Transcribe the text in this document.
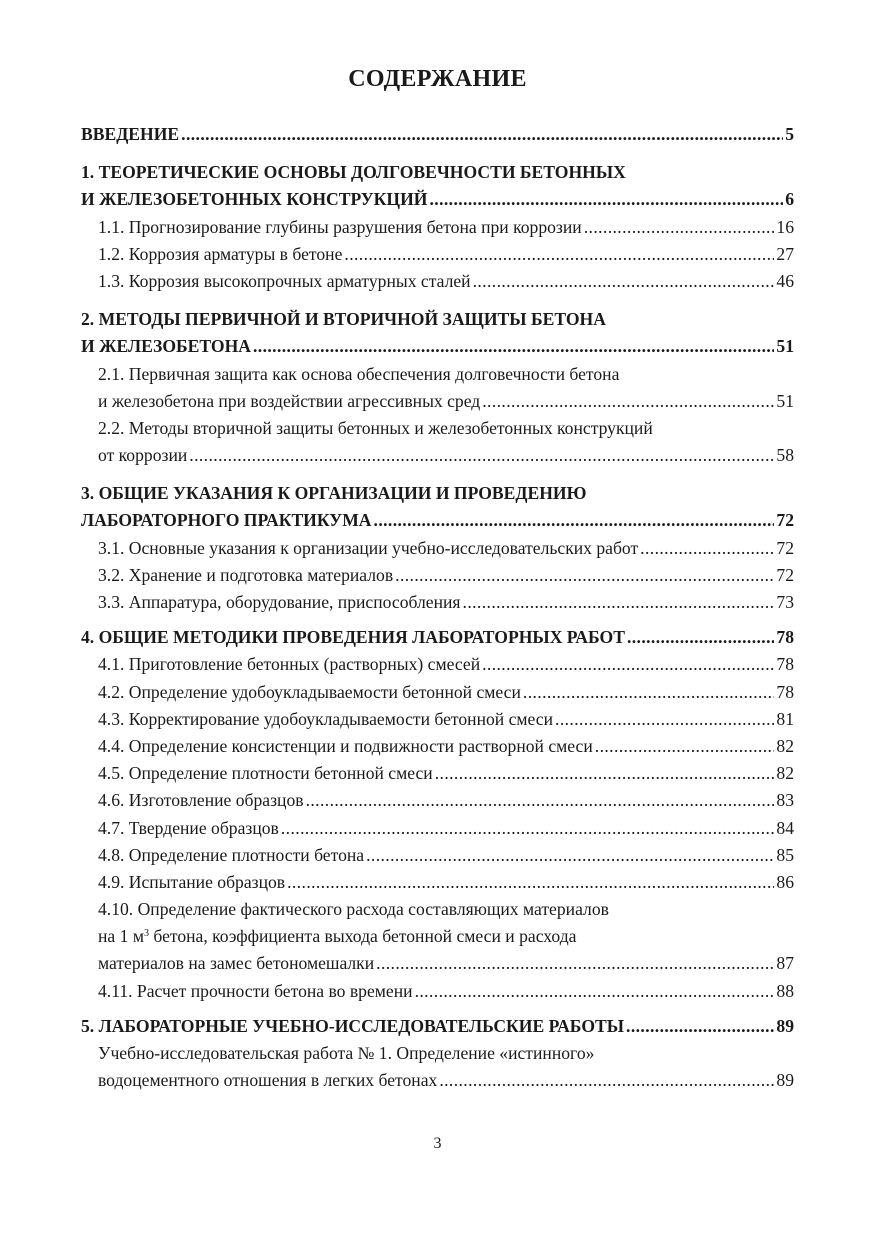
СОДЕРЖАНИЕ
ВВЕДЕНИЕ .....	5
1. ТЕОРЕТИЧЕСКИЕ ОСНОВЫ ДОЛГОВЕЧНОСТИ БЕТОННЫХ
И ЖЕЛЕЗОБЕТОННЫХ КОНСТРУКЦИЙ .....	6
1.1. Прогнозирование глубины разрушения бетона при коррозии .....	16
1.2. Коррозия арматуры в бетоне .....	27
1.3. Коррозия высокопрочных арматурных сталей .....	46
2. МЕТОДЫ ПЕРВИЧНОЙ И ВТОРИЧНОЙ ЗАЩИТЫ БЕТОНА
И ЖЕЛЕЗОБЕТОНА .....	51
2.1. Первичная защита как основа обеспечения долговечности бетона
и железобетона при воздействии агрессивных сред .....	51
2.2. Методы вторичной защиты бетонных и железобетонных конструкций
от коррозии .....	58
3. ОБЩИЕ УКАЗАНИЯ К ОРГАНИЗАЦИИ И ПРОВЕДЕНИЮ
ЛАБОРАТОРНОГО ПРАКТИКУМА .....	72
3.1. Основные указания к организации учебно-исследовательских работ .....	72
3.2. Хранение и подготовка материалов .....	72
3.3. Аппаратура, оборудование, приспособления .....	73
4. ОБЩИЕ МЕТОДИКИ ПРОВЕДЕНИЯ ЛАБОРАТОРНЫХ РАБОТ .....	78
4.1. Приготовление бетонных (растворных) смесей .....	78
4.2. Определение удобоукладываемости бетонной смеси .....	78
4.3. Корректирование удобоукладываемости бетонной смеси .....	81
4.4. Определение консистенции и подвижности растворной смеси .....	82
4.5. Определение плотности бетонной смеси .....	82
4.6. Изготовление образцов .....	83
4.7. Твердение образцов .....	84
4.8. Определение плотности бетона .....	85
4.9. Испытание образцов .....	86
4.10. Определение фактического расхода составляющих материалов
на 1 $м^3$ бетона, коэффициента выхода бетонной смеси и расхода
материалов на замес бетономешалки .....	87
4.11. Расчет прочности бетона во времени .....	88
5. ЛАБОРАТОРНЫЕ УЧЕБНО-ИССЛЕДОВАТЕЛЬСКИЕ РАБОТЫ .....	89
Учебно-исследовательская работа № 1. Определение «истинного»
водоцементного отношения в легких бетонах .....	89
3
